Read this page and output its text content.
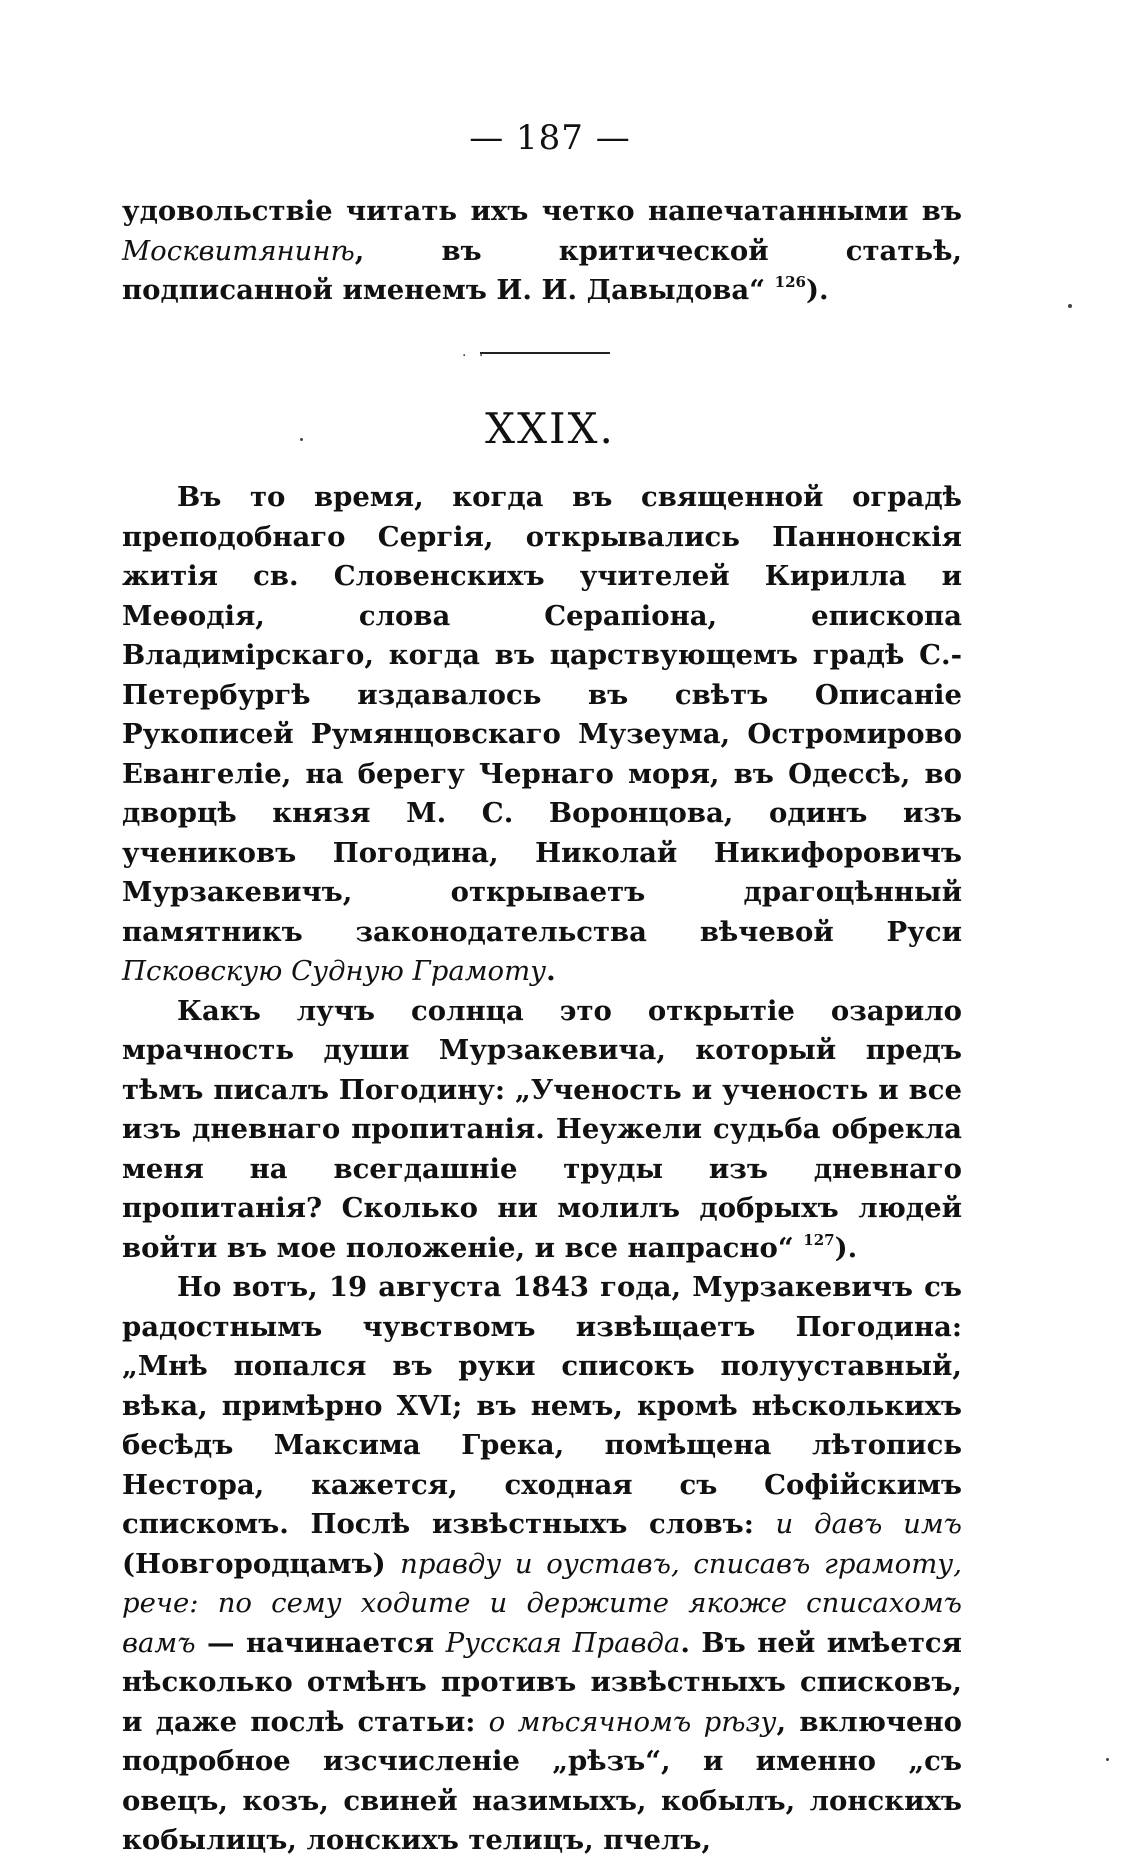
— 187 —

удовольствіе читать ихъ четко напечатанными въ Москвитянинѣ, въ критической статьѣ, подписанной именемъ И. И. Давыдова“ $^{126}$).

. .
XXIX.

Въ то время, когда въ священной оградѣ преподобнаго Сергія, открывались Паннонскія житія св. Словенскихъ учителей Кирилла и Меѳодія, слова Серапіона, епископа Владимірскаго, когда въ царствующемъ градѣ С.-Петербургѣ издавалось въ свѣтъ Описаніе Рукописей Румянцовскаго Музеума, Остромирово Евангеліе, на берегу Чернаго моря, въ Одессѣ, во дворцѣ князя М. С. Воронцова, одинъ изъ учениковъ Погодина, Николай Никифоровичъ Мурзакевичъ, открываетъ драгоцѣнный памятникъ законодательства вѣчевой Руси Псковскую Судную Грамоту.

Какъ лучъ солнца это открытіе озарило мрачность души Мурзакевича, который предъ тѣмъ писалъ Погодину: „Ученость и ученость и все изъ дневнаго пропитанія. Неужели судьба обрекла меня на всегдашніе труды изъ дневнаго пропитанія? Сколько ни молилъ добрыхъ людей войти въ мое положеніе, и все напрасно“ $^{127}$).

Но вотъ, 19 августа 1843 года, Мурзакевичъ съ радостнымъ чувствомъ извѣщаетъ Погодина: „Мнѣ попался въ руки списокъ полууставный, вѣка, примѣрно XVI; въ немъ, кромѣ нѣсколькихъ бесѣдъ Максима Грека, помѣщена лѣтопись Нестора, кажется, сходная съ Софійскимъ спискомъ. Послѣ извѣстныхъ словъ: и давъ имъ (Новгородцамъ) правду и оуставъ, списавъ грамоту, рече: по сему ходите и держите якоже списахомъ вамъ — начинается Русская Правда. Въ ней имѣется нѣсколько отмѣнъ противъ извѣстныхъ списковъ, и даже послѣ статьи: о мѣсячномъ рѣзу, включено подробное изсчисленіе „рѣзъ“, и именно „съ овецъ, козъ, свиней назимыхъ, кобылъ, лонскихъ кобылицъ, лонскихъ телицъ, пчелъ,
